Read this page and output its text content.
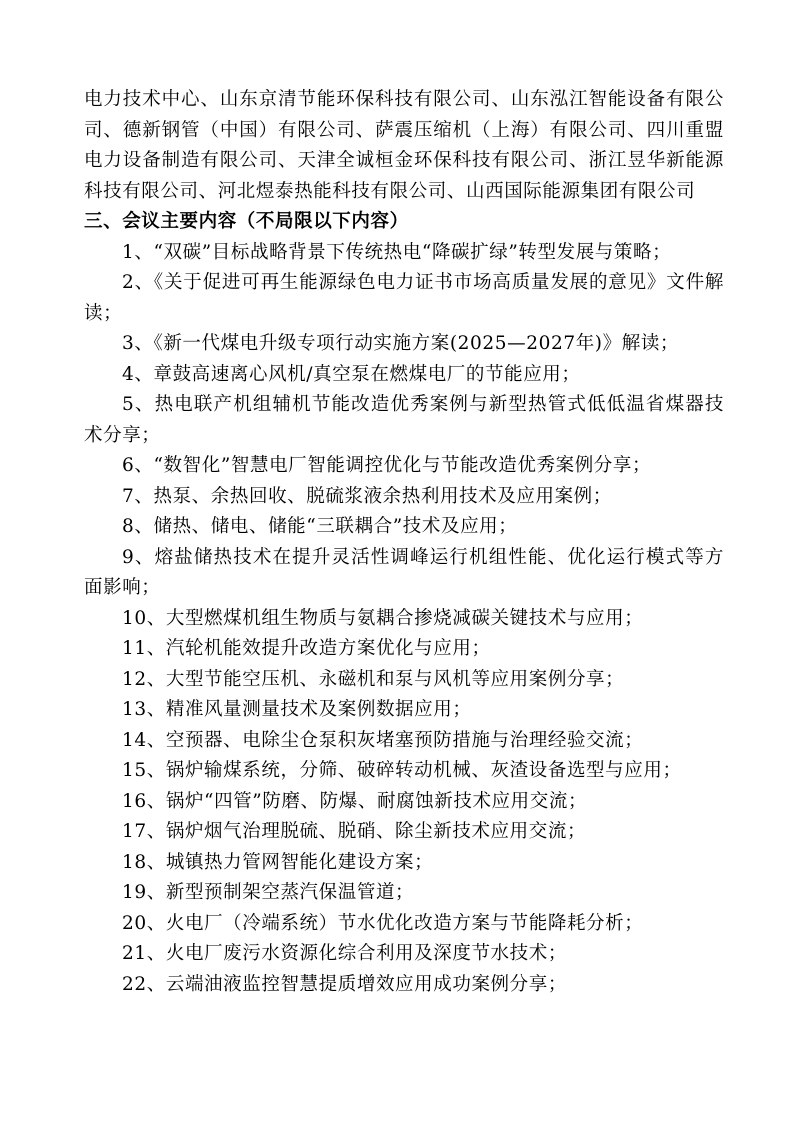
电力技术中心、山东京清节能环保科技有限公司、山东泓江智能设备有限公司、德新钢管（中国）有限公司、萨震压缩机（上海）有限公司、四川重盟电力设备制造有限公司、天津全诚桓金环保科技有限公司、浙江昱华新能源科技有限公司、河北煜泰热能科技有限公司、山西国际能源集团有限公司

三、会议主要内容（不局限以下内容）

1、“双碳”目标战略背景下传统热电“降碳扩绿”转型发展与策略；

2、《关于促进可再生能源绿色电力证书市场高质量发展的意见》文件解读；

3、《新一代煤电升级专项行动实施方案(2025—2027年)》解读；

4、章鼓高速离心风机/真空泵在燃煤电厂的节能应用；

5、热电联产机组辅机节能改造优秀案例与新型热管式低低温省煤器技术分享；

6、“数智化”智慧电厂智能调控优化与节能改造优秀案例分享；

7、热泵、余热回收、脱硫浆液余热利用技术及应用案例；

8、储热、储电、储能“三联耦合”技术及应用；

9、熔盐储热技术在提升灵活性调峰运行机组性能、优化运行模式等方面影响；

10、大型燃煤机组生物质与氨耦合掺烧减碳关键技术与应用；

11、汽轮机能效提升改造方案优化与应用；

12、大型节能空压机、永磁机和泵与风机等应用案例分享；

13、精准风量测量技术及案例数据应用；

14、空预器、电除尘仓泵积灰堵塞预防措施与治理经验交流；

15、锅炉输煤系统，分筛、破碎转动机械、灰渣设备选型与应用；

16、锅炉“四管”防磨、防爆、耐腐蚀新技术应用交流；

17、锅炉烟气治理脱硫、脱硝、除尘新技术应用交流；

18、城镇热力管网智能化建设方案；

19、新型预制架空蒸汽保温管道；

20、火电厂（冷端系统）节水优化改造方案与节能降耗分析；

21、火电厂废污水资源化综合利用及深度节水技术；

22、云端油液监控智慧提质增效应用成功案例分享；
